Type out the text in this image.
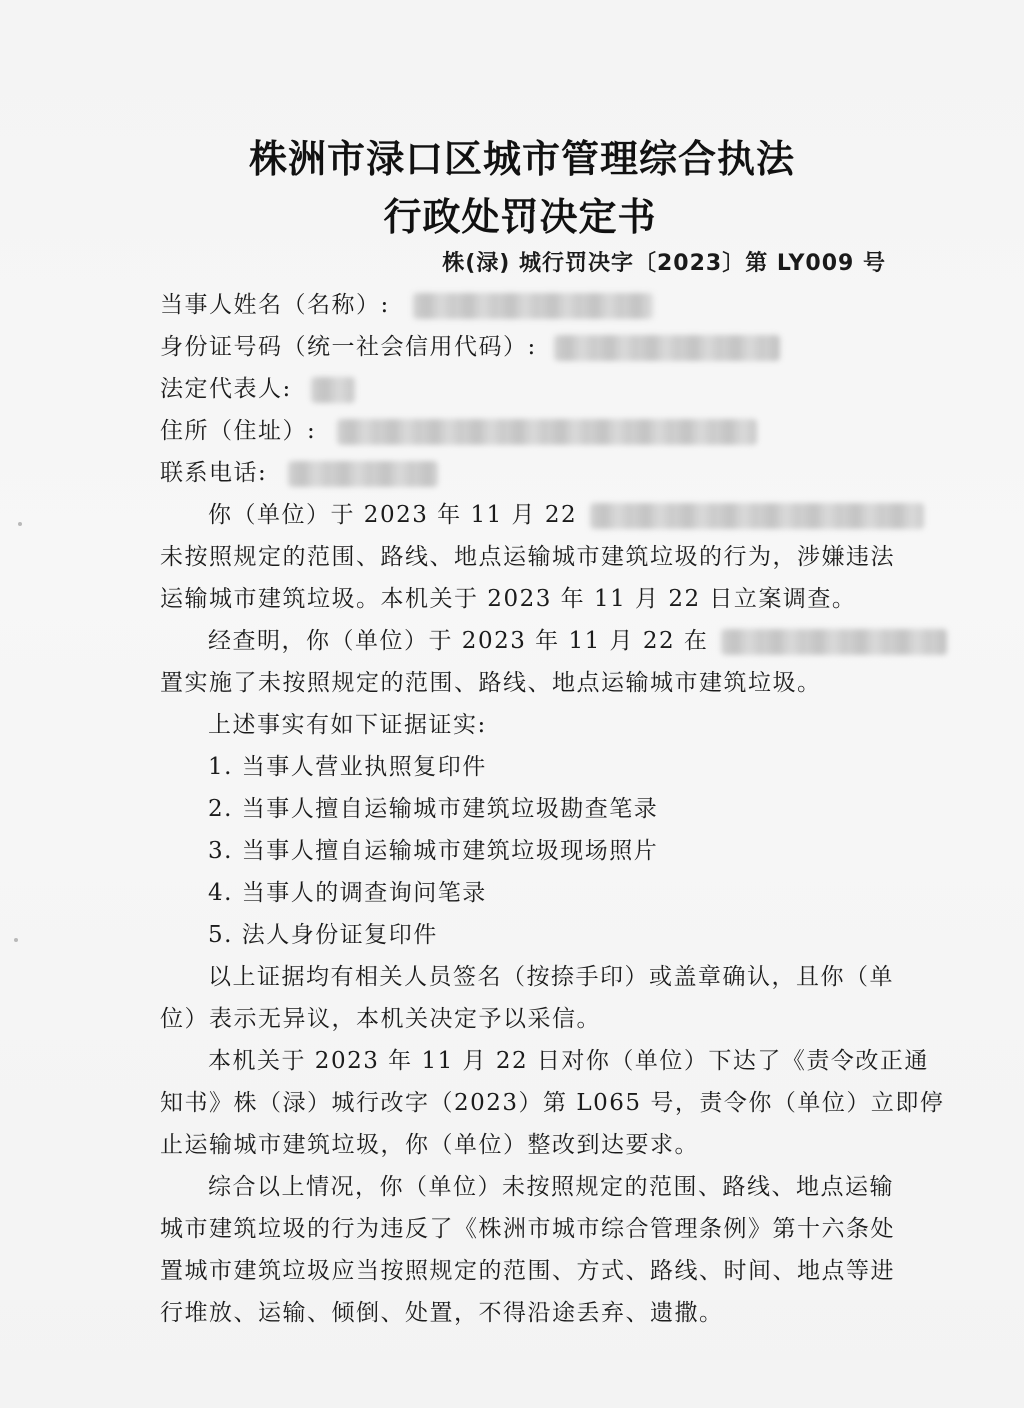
株洲市渌口区城市管理综合执法
行政处罚决定书
株(渌) 城行罚决字〔2023〕第 LY009 号
当事人姓名（名称）:
身份证号码（统一社会信用代码）:
法定代表人:
住所（住址）:
联系电话:
你（单位）于 2023 年 11 月 22
未按照规定的范围、路线、地点运输城市建筑垃圾的行为，涉嫌违法
运输城市建筑垃圾。本机关于 2023 年 11 月 22 日立案调查。
经查明，你（单位）于 2023 年 11 月 22 在
置实施了未按照规定的范围、路线、地点运输城市建筑垃圾。
上述事实有如下证据证实:
1. 当事人营业执照复印件
2. 当事人擅自运输城市建筑垃圾勘查笔录
3. 当事人擅自运输城市建筑垃圾现场照片
4. 当事人的调查询问笔录
5. 法人身份证复印件
以上证据均有相关人员签名（按捺手印）或盖章确认，且你（单
位）表示无异议，本机关决定予以采信。
本机关于 2023 年 11 月 22 日对你（单位）下达了《责令改正通
知书》株（渌）城行改字（2023）第 L065 号，责令你（单位）立即停
止运输城市建筑垃圾，你（单位）整改到达要求。
综合以上情况，你（单位）未按照规定的范围、路线、地点运输
城市建筑垃圾的行为违反了《株洲市城市综合管理条例》第十六条处
置城市建筑垃圾应当按照规定的范围、方式、路线、时间、地点等进
行堆放、运输、倾倒、处置，不得沿途丢弃、遗撒。
